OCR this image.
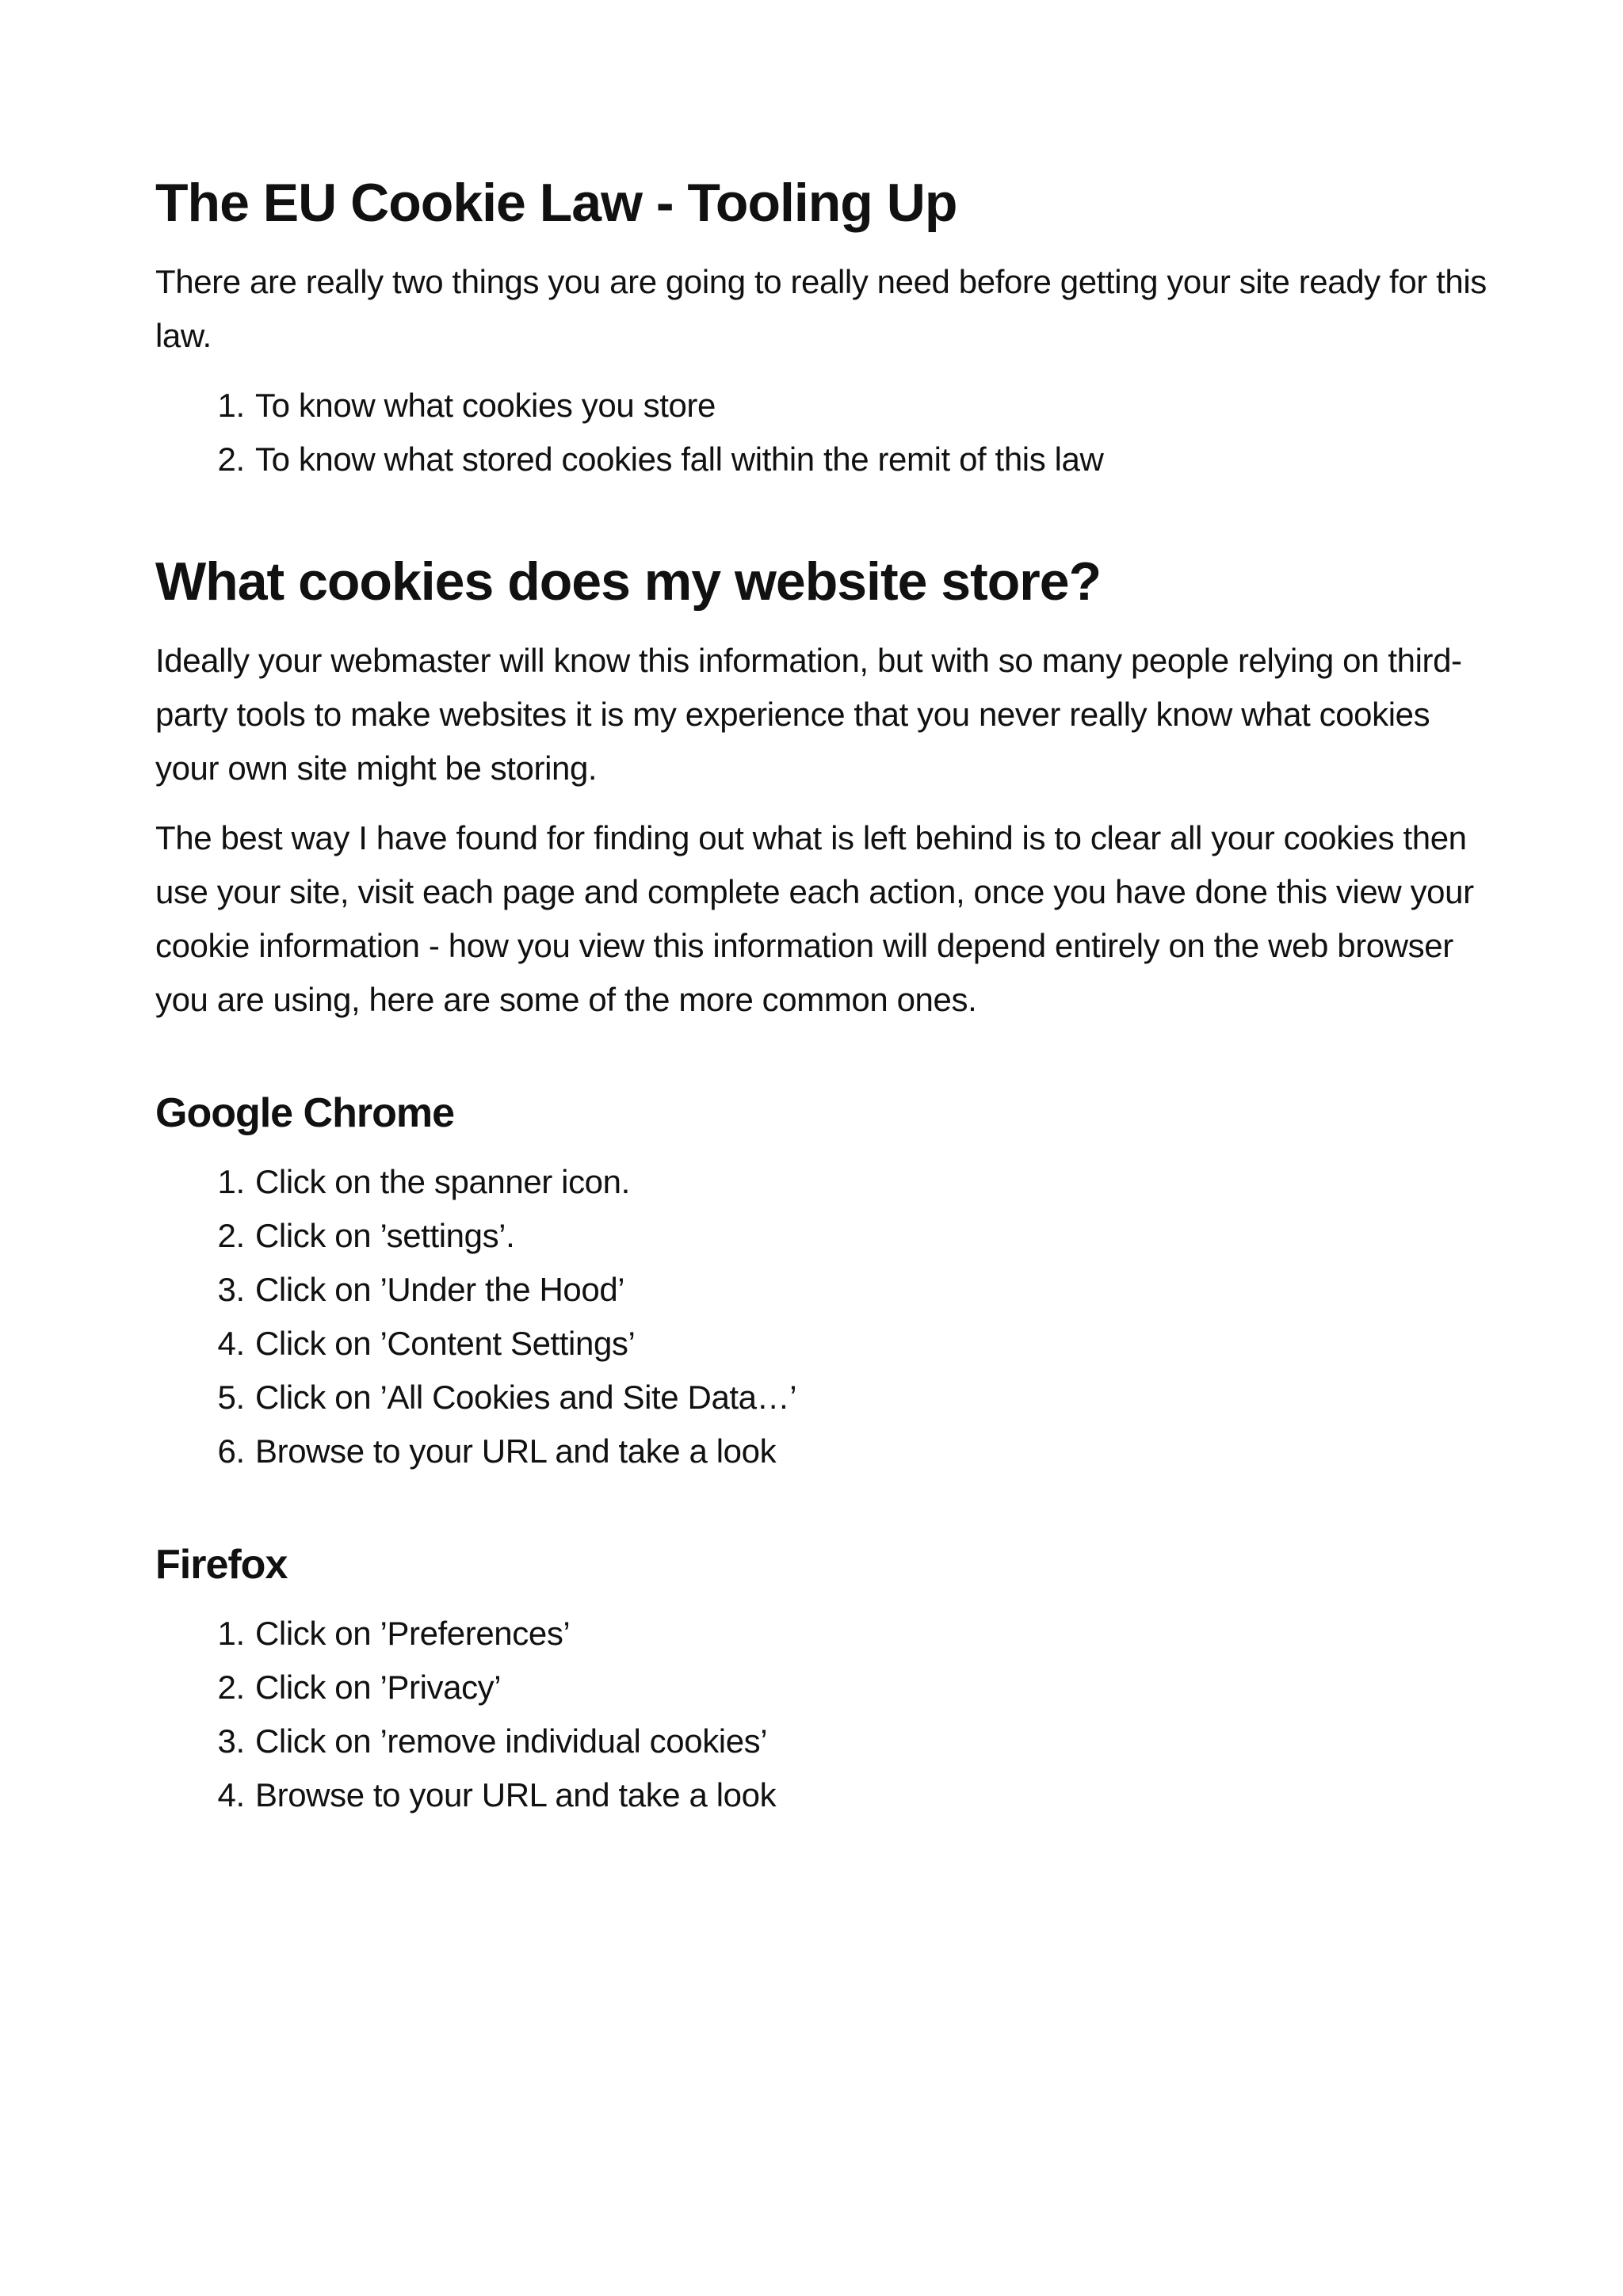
The EU Cookie Law - Tooling Up

There are really two things you are going to really need before getting your site ready for this law.

1. To know what cookies you store
2. To know what stored cookies fall within the remit of this law
What cookies does my website store?

Ideally your webmaster will know this information, but with so many people relying on third-party tools to make websites it is my experience that you never really know what cookies your own site might be storing.

The best way I have found for finding out what is left behind is to clear all your cookies then use your site, visit each page and complete each action, once you have done this view your cookie information - how you view this information will depend entirely on the web browser you are using, here are some of the more common ones.

Google Chrome
1. Click on the spanner icon.
2. Click on ’settings’.
3. Click on ’Under the Hood’
4. Click on ’Content Settings’
5. Click on ’All Cookies and Site Data…’
6. Browse to your URL and take a look
Firefox
1. Click on ’Preferences’
2. Click on ’Privacy’
3. Click on ’remove individual cookies’
4. Browse to your URL and take a look
